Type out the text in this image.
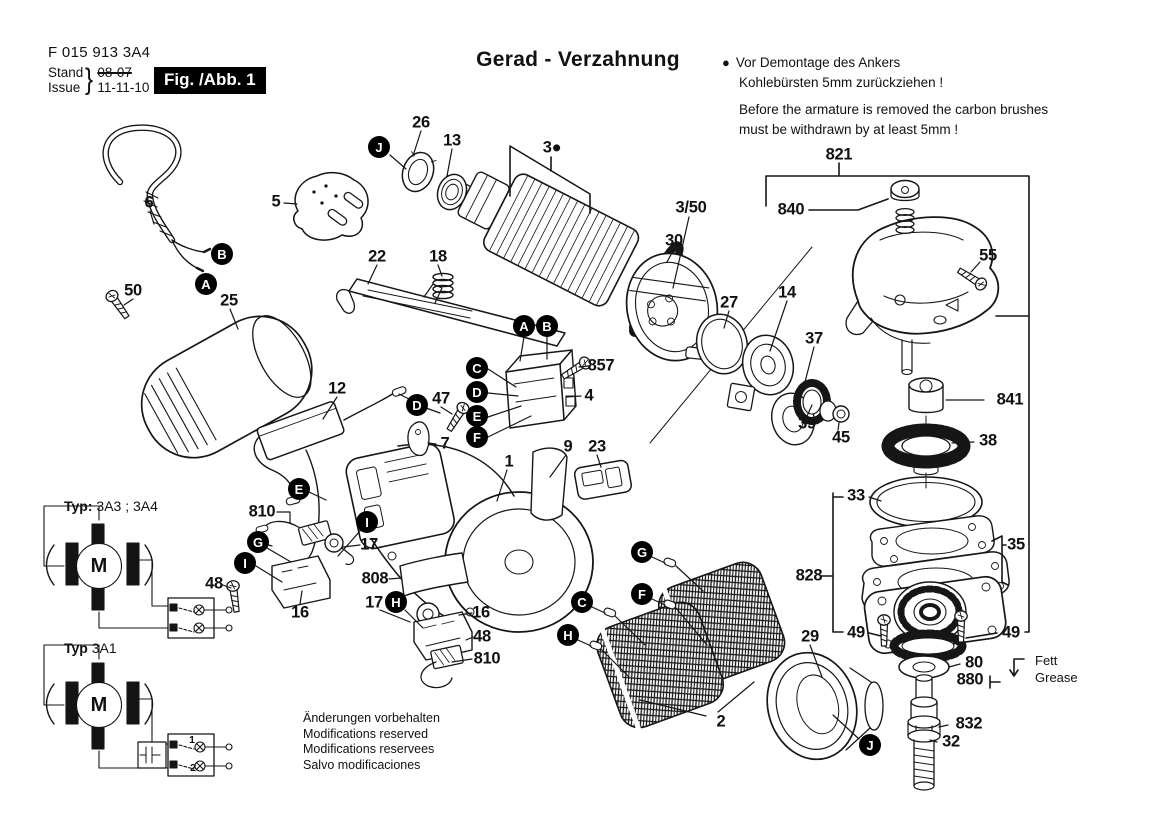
F 015 913 3A4
Stand
Issue } 08-07
11-11-10 Fig. /Abb. 1
Gerad - Verzahnung	● Vor Demontage des Ankers
Kohlebürsten 5mm zurückziehen !
Before the armature is removed the carbon brushes
must be withdrawn by at least 5mm !
Typ: 3A3 ; 3A4
Typ 3A1
Fett
Grease
Änderungen vorbehalten
Modifications reserved
Modifications reservees
Salvo modificaciones
26
13	3●
3/50
821
840
55
5
6
50
25
22	18
30
27
14
37
857
4
12
47
7
39
45
841
38
9 23
1
33
35
810
17
48
16
808
17
16
48
810
828
49	49
29
80
880
832
32
2
J
B
A
A	B
C
D
E
F
D
E
I
G
I
H
G
F
C
H
J
M
M
1
2
